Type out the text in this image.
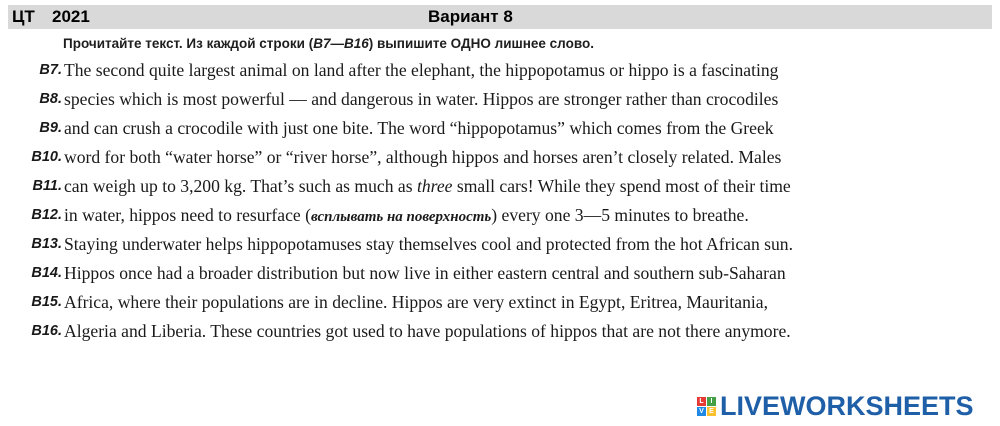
ЦТ 2021	Вариант 8
Прочитайте текст. Из каждой строки (B7—B16) выпишите ОДНО лишнее слово.
B7. The second quite largest animal on land after the elephant, the hippopotamus or hippo is a fascinating
B8. species which is most powerful — and dangerous in water. Hippos are stronger rather than crocodiles
B9. and can crush a crocodile with just one bite. The word “hippopotamus” which comes from the Greek
B10. word for both “water horse” or “river horse”, although hippos and horses aren’t closely related. Males
B11. can weigh up to 3,200 kg. That’s such as much as three small cars! While they spend most of their time
B12. in water, hippos need to resurface (всплывать на поверхность) every one 3—5 minutes to breathe.
B13. Staying underwater helps hippopotamuses stay themselves cool and protected from the hot African sun.
B14. Hippos once had a broader distribution but now live in either eastern central and southern sub-Saharan
B15. Africa, where their populations are in decline. Hippos are very extinct in Egypt, Eritrea, Mauritania,
B16. Algeria and Liberia. These countries got used to have populations of hippos that are not there anymore.
L I
V E LIVEWORKSHEETS
